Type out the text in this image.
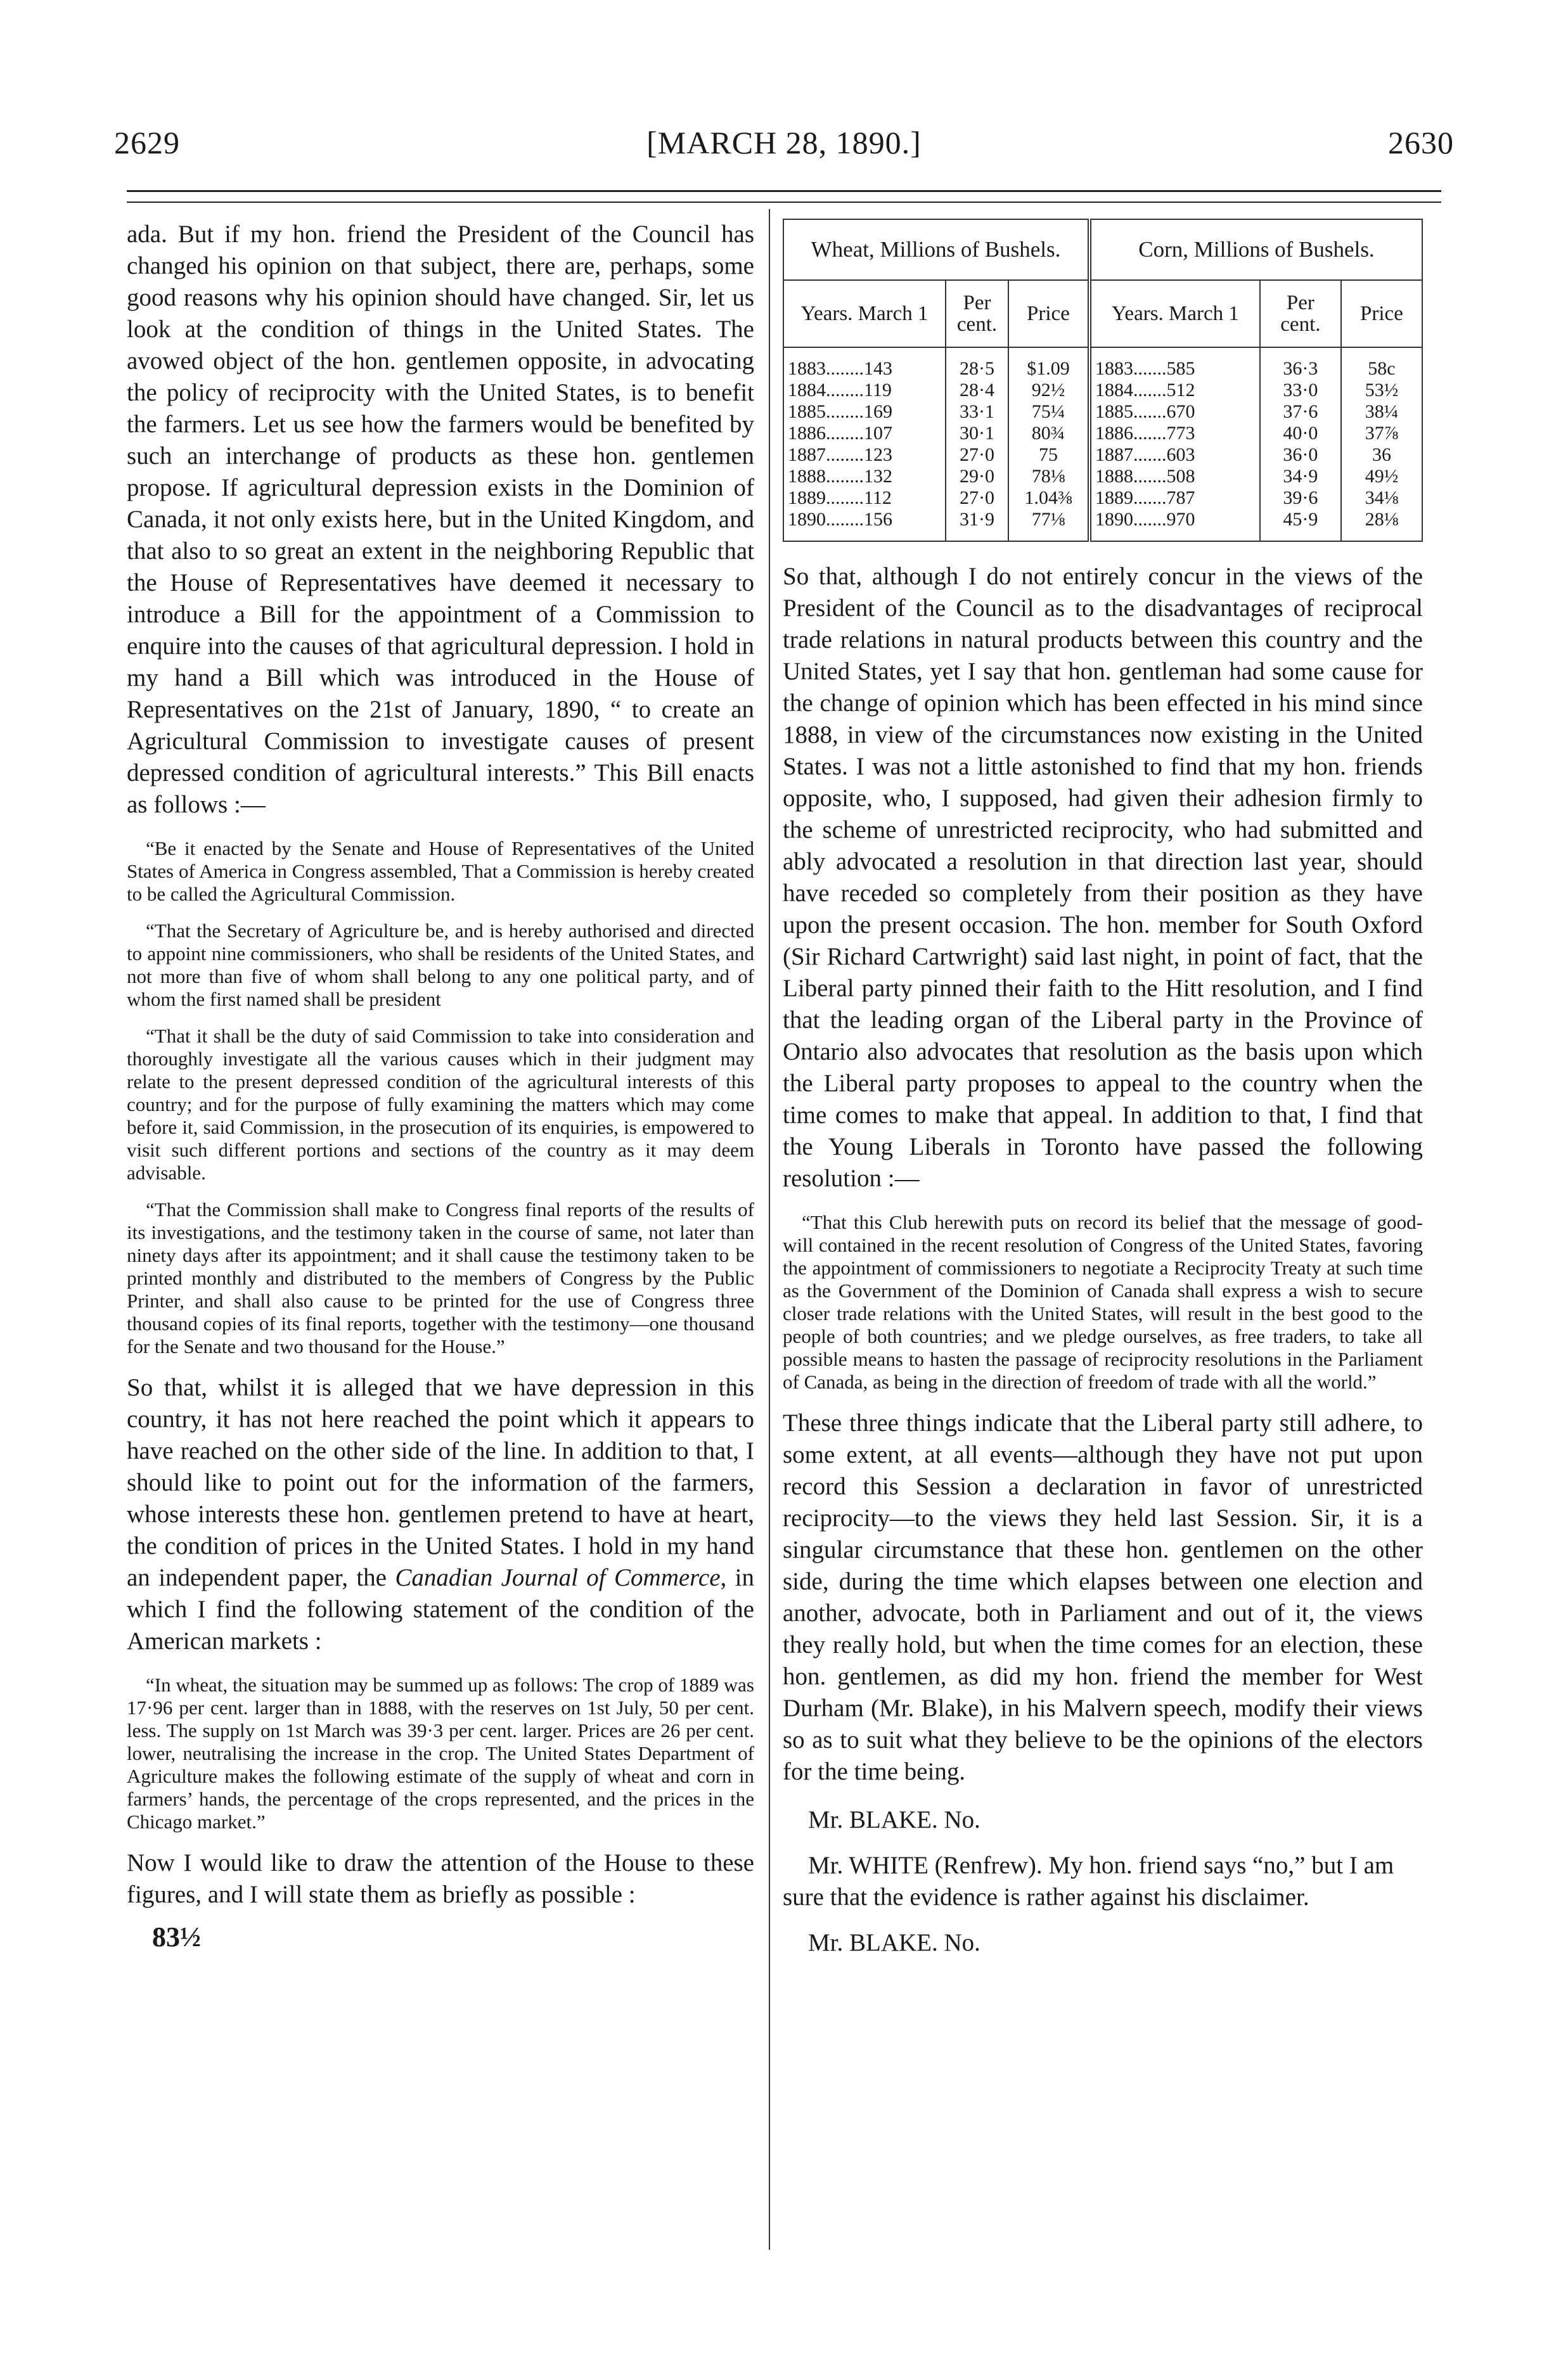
2629	[MARCH 28, 1890.]	2630

ada. But if my hon. friend the President of the Council has changed his opinion on that subject, there are, perhaps, some good reasons why his opinion should have changed. Sir, let us look at the condition of things in the United States. The avowed object of the hon. gentlemen opposite, in advocating the policy of reciprocity with the United States, is to benefit the farmers. Let us see how the farmers would be benefited by such an interchange of products as these hon. gentlemen propose. If agricultural depression exists in the Dominion of Canada, it not only exists here, but in the United Kingdom, and that also to so great an extent in the neighboring Republic that the House of Representatives have deemed it necessary to introduce a Bill for the appointment of a Commission to enquire into the causes of that agricultural depression. I hold in my hand a Bill which was introduced in the House of Representatives on the 21st of January, 1890, “ to create an Agricultural Commission to investigate causes of present depressed condition of agricultural interests.” This Bill enacts as follows :—

“Be it enacted by the Senate and House of Representatives of the United States of America in Congress assembled, That a Commission is hereby created to be called the Agricultural Commission.

“That the Secretary of Agriculture be, and is hereby authorised and directed to appoint nine commissioners, who shall be residents of the United States, and not more than five of whom shall belong to any one political party, and of whom the first named shall be president

“That it shall be the duty of said Commission to take into consideration and thoroughly investigate all the various causes which in their judgment may relate to the present depressed condition of the agricultural interests of this country; and for the purpose of fully examining the matters which may come before it, said Commission, in the prosecution of its enquiries, is empowered to visit such different portions and sections of the country as it may deem advisable.

“That the Commission shall make to Congress final reports of the results of its investigations, and the testimony taken in the course of same, not later than ninety days after its appointment; and it shall cause the testimony taken to be printed monthly and distributed to the members of Congress by the Public Printer, and shall also cause to be printed for the use of Congress three thousand copies of its final reports, together with the testimony—one thousand for the Senate and two thousand for the House.”

So that, whilst it is alleged that we have depression in this country, it has not here reached the point which it appears to have reached on the other side of the line. In addition to that, I should like to point out for the information of the farmers, whose interests these hon. gentlemen pretend to have at heart, the condition of prices in the United States. I hold in my hand an independent paper, the Canadian Journal of Commerce, in which I find the following statement of the condition of the American markets :

“In wheat, the situation may be summed up as follows: The crop of 1889 was 17·96 per cent. larger than in 1888, with the reserves on 1st July, 50 per cent. less. The supply on 1st March was 39·3 per cent. larger. Prices are 26 per cent. lower, neutralising the increase in the crop. The United States Department of Agriculture makes the following estimate of the supply of wheat and corn in farmers’ hands, the percentage of the crops represented, and the prices in the Chicago market.”

Now I would like to draw the attention of the House to these figures, and I will state them as briefly as possible :

83½
Wheat, Millions of Bushels.			Corn, Millions of Bushels.		
Years. March 1	Per cent.	Price	Years. March 1	Per cent.	Price
1883........143	28·5	$1.09	1883.......585	36·3	58c
1884........119	28·4	92½	1884.......512	33·0	53½
1885........169	33·1	75¼	1885.......670	37·6	38¼
1886........107	30·1	80¾	1886.......773	40·0	37⅞
1887........123	27·0	75	1887.......603	36·0	36
1888........132	29·0	78⅛	1888.......508	34·9	49½
1889........112	27·0	1.04⅜	1889.......787	39·6	34⅛
1890........156	31·9	77⅛	1890.......970	45·9	28⅛

So that, although I do not entirely concur in the views of the President of the Council as to the disadvantages of reciprocal trade relations in natural products between this country and the United States, yet I say that hon. gentleman had some cause for the change of opinion which has been effected in his mind since 1888, in view of the circumstances now existing in the United States. I was not a little astonished to find that my hon. friends opposite, who, I supposed, had given their adhesion firmly to the scheme of unrestricted reciprocity, who had submitted and ably advocated a resolution in that direction last year, should have receded so completely from their position as they have upon the present occasion. The hon. member for South Oxford (Sir Richard Cartwright) said last night, in point of fact, that the Liberal party pinned their faith to the Hitt resolution, and I find that the leading organ of the Liberal party in the Province of Ontario also advocates that resolution as the basis upon which the Liberal party proposes to appeal to the country when the time comes to make that appeal. In addition to that, I find that the Young Liberals in Toronto have passed the following resolution :—

“That this Club herewith puts on record its belief that the message of good-will contained in the recent resolution of Congress of the United States, favoring the appointment of commissioners to negotiate a Reciprocity Treaty at such time as the Government of the Dominion of Canada shall express a wish to secure closer trade relations with the United States, will result in the best good to the people of both countries; and we pledge ourselves, as free traders, to take all possible means to hasten the passage of reciprocity resolutions in the Parliament of Canada, as being in the direction of freedom of trade with all the world.”

These three things indicate that the Liberal party still adhere, to some extent, at all events—although they have not put upon record this Session a declaration in favor of unrestricted reciprocity—to the views they held last Session. Sir, it is a singular circumstance that these hon. gentlemen on the other side, during the time which elapses between one election and another, advocate, both in Parliament and out of it, the views they really hold, but when the time comes for an election, these hon. gentlemen, as did my hon. friend the member for West Durham (Mr. Blake), in his Malvern speech, modify their views so as to suit what they believe to be the opinions of the electors for the time being.

Mr. BLAKE. No.

Mr. WHITE (Renfrew). My hon. friend says “no,” but I am sure that the evidence is rather against his disclaimer.

Mr. BLAKE. No.
